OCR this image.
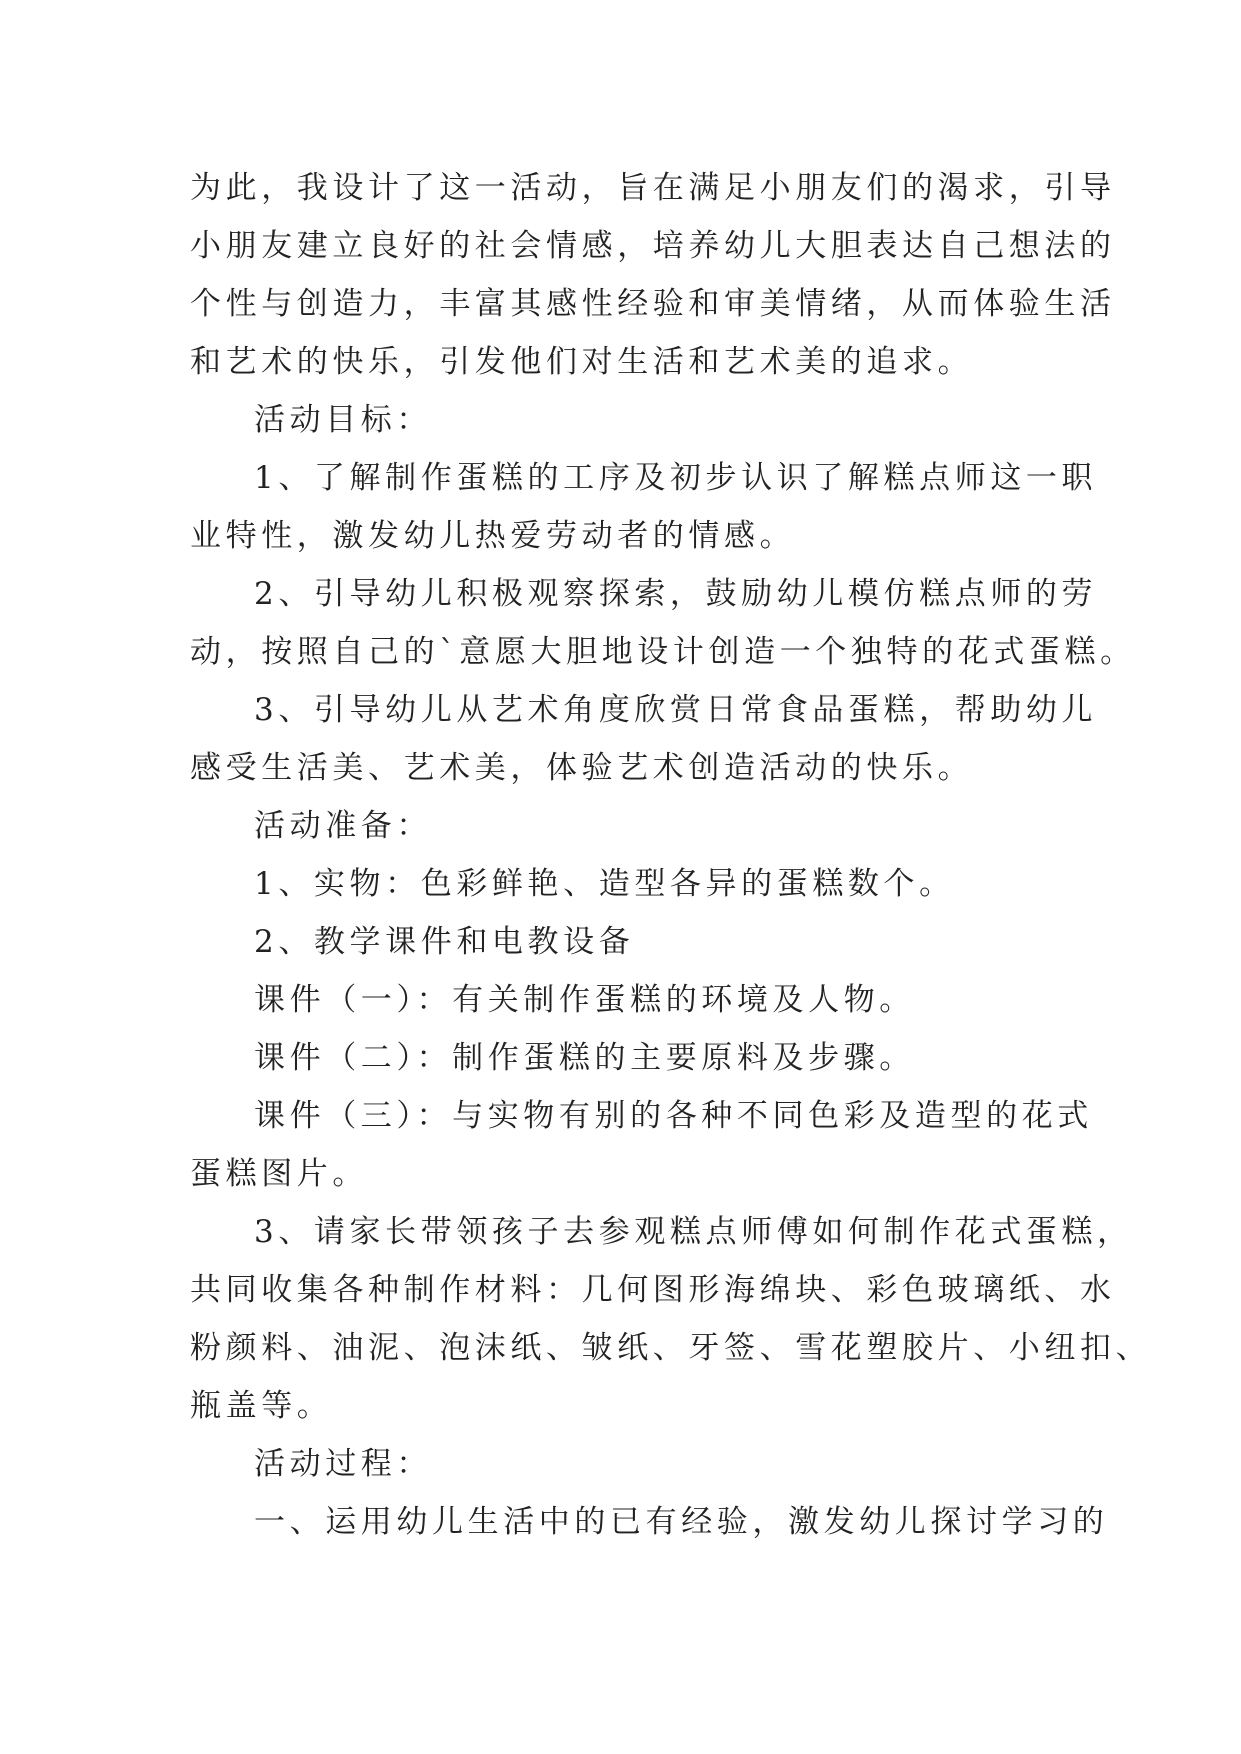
为此，我设计了这一活动，旨在满足小朋友们的渴求，引导
小朋友建立良好的社会情感，培养幼儿大胆表达自己想法的
个性与创造力，丰富其感性经验和审美情绪，从而体验生活
和艺术的快乐，引发他们对生活和艺术美的追求。
活动目标：
1、了解制作蛋糕的工序及初步认识了解糕点师这一职
业特性，激发幼儿热爱劳动者的情感。
2、引导幼儿积极观察探索，鼓励幼儿模仿糕点师的劳
动，按照自己的`意愿大胆地设计创造一个独特的花式蛋糕。
3、引导幼儿从艺术角度欣赏日常食品蛋糕，帮助幼儿
感受生活美、艺术美，体验艺术创造活动的快乐。
活动准备：
1、实物：色彩鲜艳、造型各异的蛋糕数个。
2、教学课件和电教设备
课件（一）：有关制作蛋糕的环境及人物。
课件（二）：制作蛋糕的主要原料及步骤。
课件（三）：与实物有别的各种不同色彩及造型的花式
蛋糕图片。
3、请家长带领孩子去参观糕点师傅如何制作花式蛋糕，
共同收集各种制作材料：几何图形海绵块、彩色玻璃纸、水
粉颜料、油泥、泡沫纸、皱纸、牙签、雪花塑胶片、小纽扣、
瓶盖等。
活动过程：
一、运用幼儿生活中的已有经验，激发幼儿探讨学习的
